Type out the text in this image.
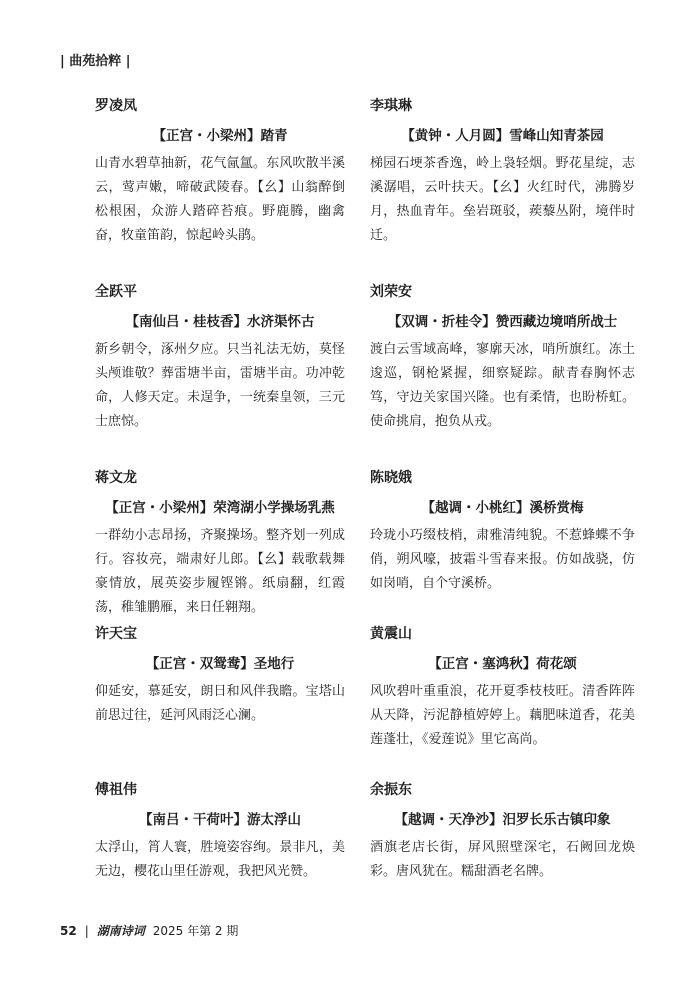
| 曲苑拾粹 |

罗凌凤

【正宫・小梁州】踏青

山青水碧草抽新，花气氤氲。东风吹散半溪云，莺声嫩，啼破武陵春。【幺】山翁醉倒松根困，众游人踏碎苔痕。野鹿腾，幽禽奋，牧童笛韵，惊起岭头鹃。

全跃平

【南仙吕・桂枝香】水济渠怀古

新乡朝令，涿州夕应。只当礼法无妨，莫怪头颅谁敬？葬雷塘半亩，雷塘半亩。功冲乾命，人修天定。未逞争，一统秦皇领，三元士庶惊。

蒋文龙

【正宫・小梁州】荣湾湖小学操场乳燕

一群幼小志昂扬，齐聚操场。整齐划一列成行。容妆亮，端肃好儿郎。【幺】载歌载舞豪情放，展英姿步履铿锵。纸扇翻，红霞荡，稚雏鹏雁，来日任翱翔。

许天宝

【正宫・双鸳鸯】圣地行

仰延安，慕延安，朗日和风伴我瞻。宝塔山前思过往，延河风雨泛心澜。

傅祖伟

【南吕・干荷叶】游太浮山

太浮山，筲人寰，胜境姿容绚。景非凡，美无边，樱花山里任游观，我把风光赞。

李琪琳

【黄钟・人月圆】雪峰山知青茶园

梯园石埂茶香逸，岭上袅轻烟。野花星绽，志溪潺唱，云叶扶天。【幺】火红时代，沸腾岁月，热血青年。垒岩斑驳，蒺藜丛附，境伴时迁。

刘荣安

【双调・折桂令】赞西藏边境哨所战士

渡白云雪域高峰，寥廓天冰，哨所旗红。冻土逡巡，钢枪紧握，细察疑踪。献青春胸怀志笃，守边关家国兴隆。也有柔情，也盼桥虹。使命挑肩，抱负从戎。

陈晓娥

【越调・小桃红】溪桥赏梅

玲珑小巧缀枝梢，肃雅清纯貌。不惹蜂蝶不争俏，朔风嚎，披霜斗雪春来报。仿如战骁，仿如岗哨，自个守溪桥。

黄震山

【正宫・塞鸿秋】荷花颂

风吹碧叶重重浪，花开夏季枝枝旺。清香阵阵从天降，污泥静植婷婷上。藕肥味道香，花美莲蓬壮，《爱莲说》里它高尚。

余振东

【越调・天净沙】汨罗长乐古镇印象

酒旗老店长街，屏风照壁深宅，石阙回龙焕彩。唐风犹在。糯甜酒老名牌。

52 | 湖南诗词 2025 年第 2 期
